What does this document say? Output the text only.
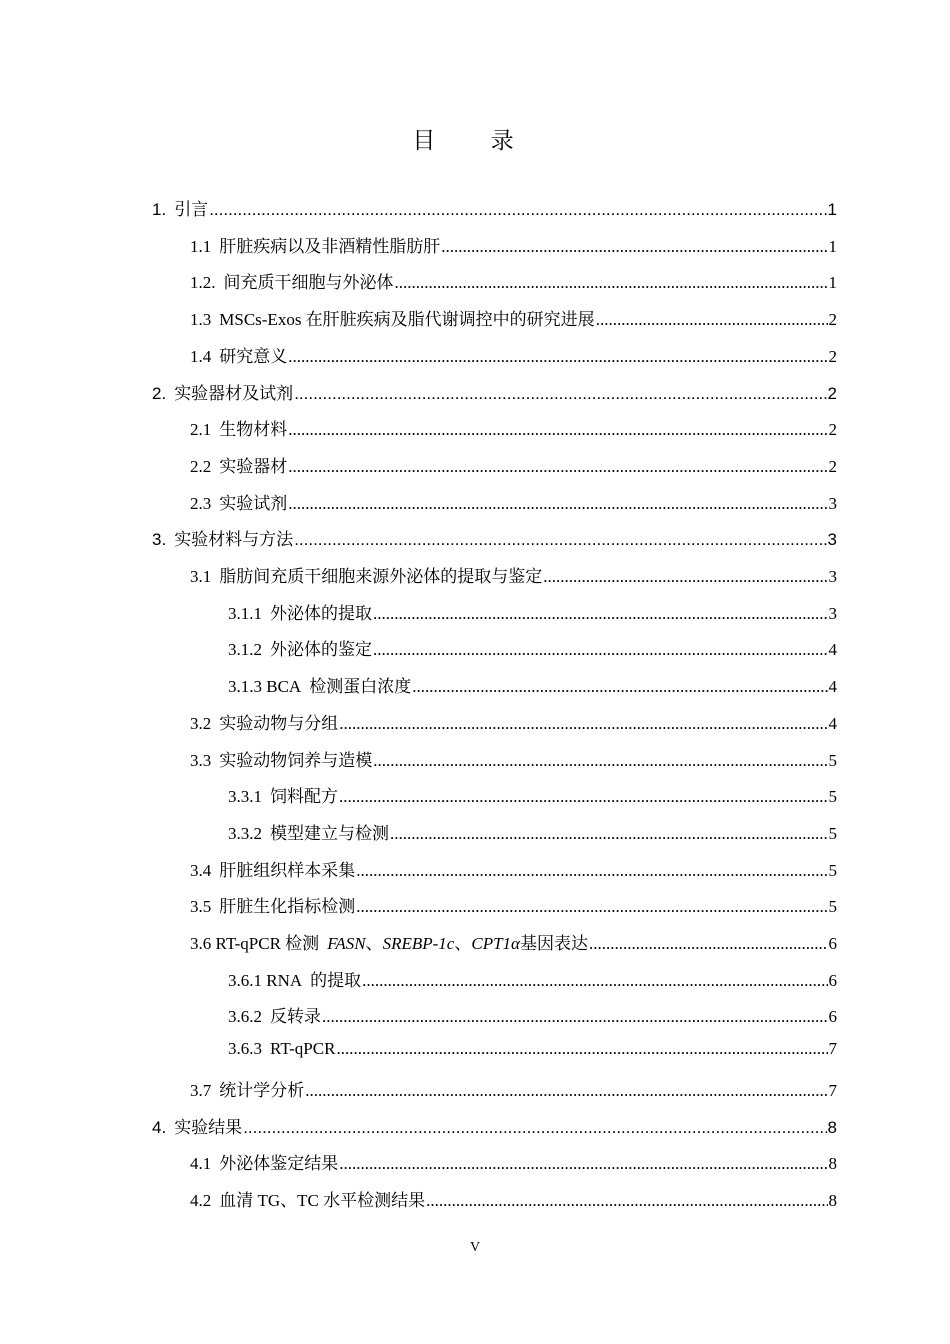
目 录
1. 引言 .....	1
1.1 肝脏疾病以及非酒精性脂肪肝 .....	1
1.2. 间充质干细胞与外泌体 .....	1
1.3 MSCs-Exos 在肝脏疾病及脂代谢调控中的研究进展 .....	2
1.4 研究意义 .....	2
2. 实验器材及试剂 .....	2
2.1 生物材料 .....	2
2.2 实验器材 .....	2
2.3 实验试剂 .....	3
3. 实验材料与方法 .....	3
3.1 脂肪间充质干细胞来源外泌体的提取与鉴定 .....	3
3.1.1 外泌体的提取 .....	3
3.1.2 外泌体的鉴定 .....	4
3.1.3 BCA 检测蛋白浓度 .....	4
3.2 实验动物与分组 .....	4
3.3 实验动物饲养与造模 .....	5
3.3.1 饲料配方 .....	5
3.3.2 模型建立与检测 .....	5
3.4 肝脏组织样本采集 .....	5
3.5 肝脏生化指标检测 .....	5
3.6 RT-qPCR 检测 FASN、SREBP-1c、CPT1α基因表达 .....	6
3.6.1 RNA 的提取 .....	6
3.6.2 反转录 .....	6
3.6.3 RT-qPCR .....	7
3.7 统计学分析 .....	7
4. 实验结果 .....	8
4.1 外泌体鉴定结果 .....	8
4.2 血清 TG、TC 水平检测结果 .....	8
V
